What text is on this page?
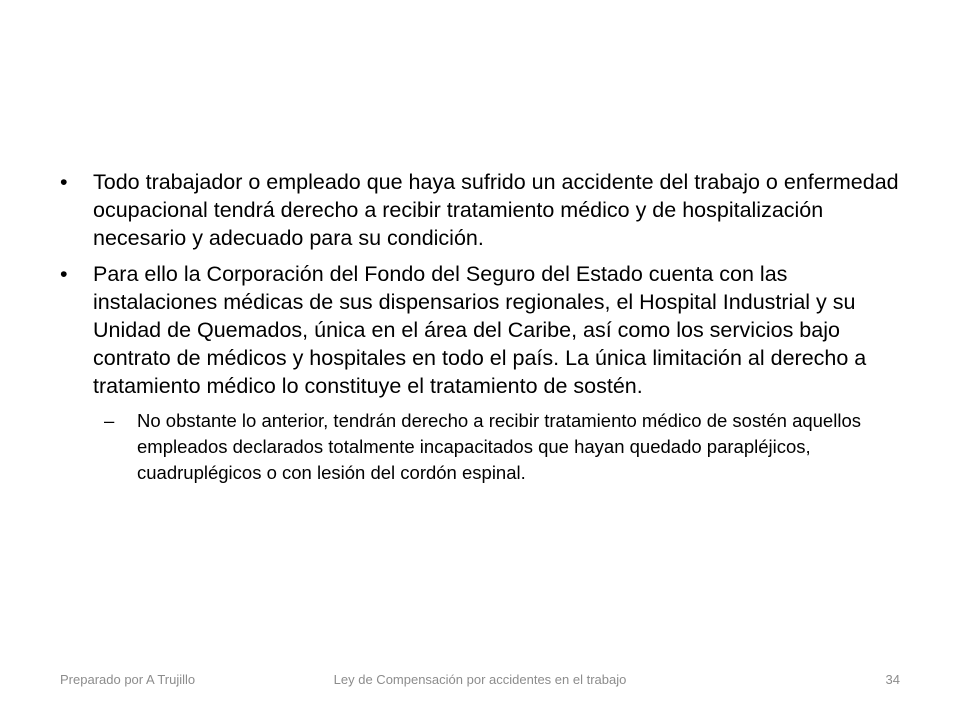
• Todo trabajador o empleado que haya sufrido un accidente del trabajo o enfermedad ocupacional tendrá derecho a recibir tratamiento médico y de hospitalización necesario y adecuado para su condición.
• Para ello la Corporación del Fondo del Seguro del Estado cuenta con las instalaciones médicas de sus dispensarios regionales, el Hospital Industrial y su Unidad de Quemados, única en el área del Caribe, así como los servicios bajo contrato de médicos y hospitales en todo el país. La única limitación al derecho a tratamiento médico lo constituye el tratamiento de sostén.
– No obstante lo anterior, tendrán derecho a recibir tratamiento médico de sostén aquellos empleados declarados totalmente incapacitados que hayan quedado parapléjicos, cuadruplégicos o con lesión del cordón espinal.
Preparado por A Trujillo	Ley de Compensación por accidentes en el trabajo	34
